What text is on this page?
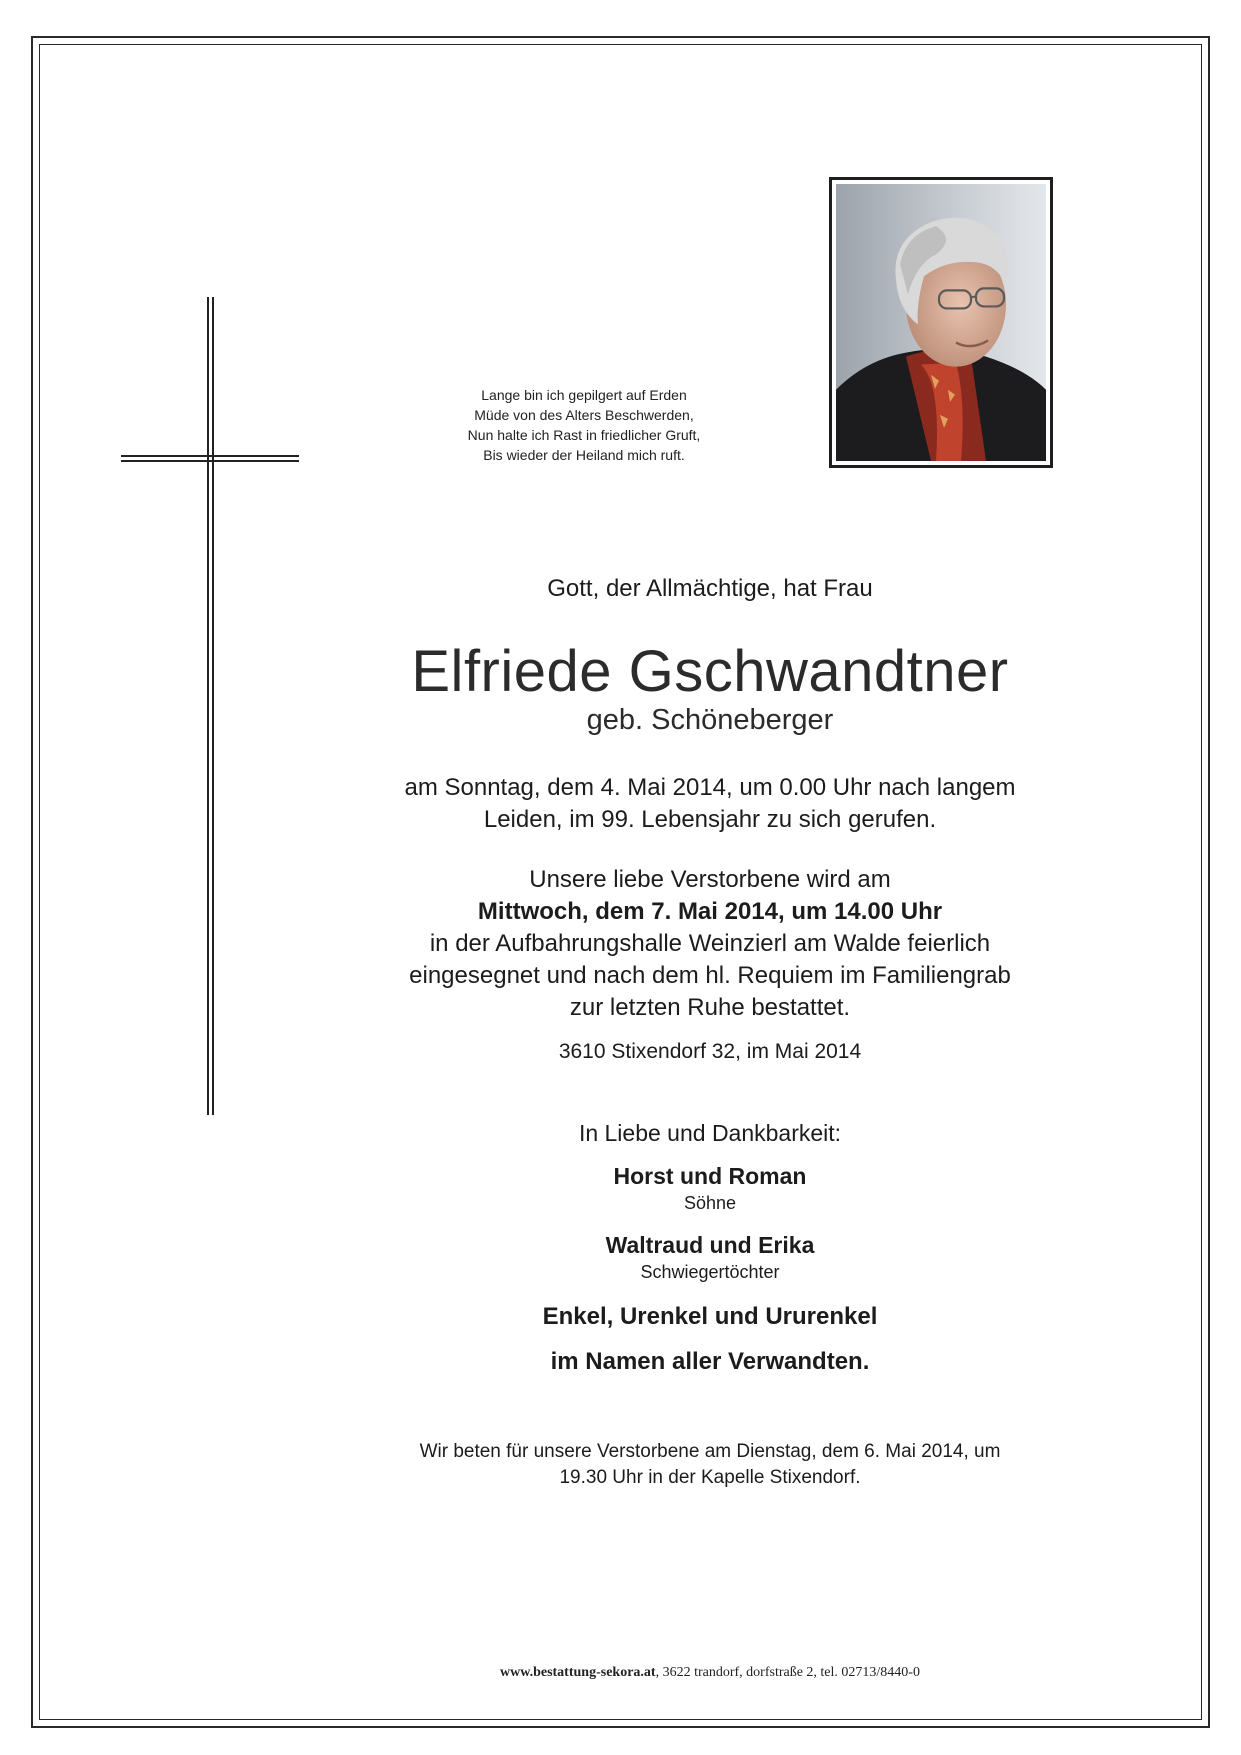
Lange bin ich gepilgert auf Erden
Müde von des Alters Beschwerden,
Nun halte ich Rast in friedlicher Gruft,
Bis wieder der Heiland mich ruft.
Gott, der Allmächtige, hat Frau
Elfriede Gschwandtner
geb. Schöneberger
am Sonntag, dem 4. Mai 2014, um 0.00 Uhr nach langem
Leiden, im 99. Lebensjahr zu sich gerufen.
Unsere liebe Verstorbene wird am
Mittwoch, dem 7. Mai 2014, um 14.00 Uhr
in der Aufbahrungshalle Weinzierl am Walde feierlich
eingesegnet und nach dem hl. Requiem im Familiengrab
zur letzten Ruhe bestattet.
3610 Stixendorf 32, im Mai 2014
In Liebe und Dankbarkeit:
Horst und Roman
Söhne
Waltraud und Erika
Schwiegertöchter
Enkel, Urenkel und Ururenkel
im Namen aller Verwandten.
Wir beten für unsere Verstorbene am Dienstag, dem 6. Mai 2014, um
19.30 Uhr in der Kapelle Stixendorf.
www.bestattung-sekora.at, 3622 trandorf, dorfstraße 2, tel. 02713/8440-0
